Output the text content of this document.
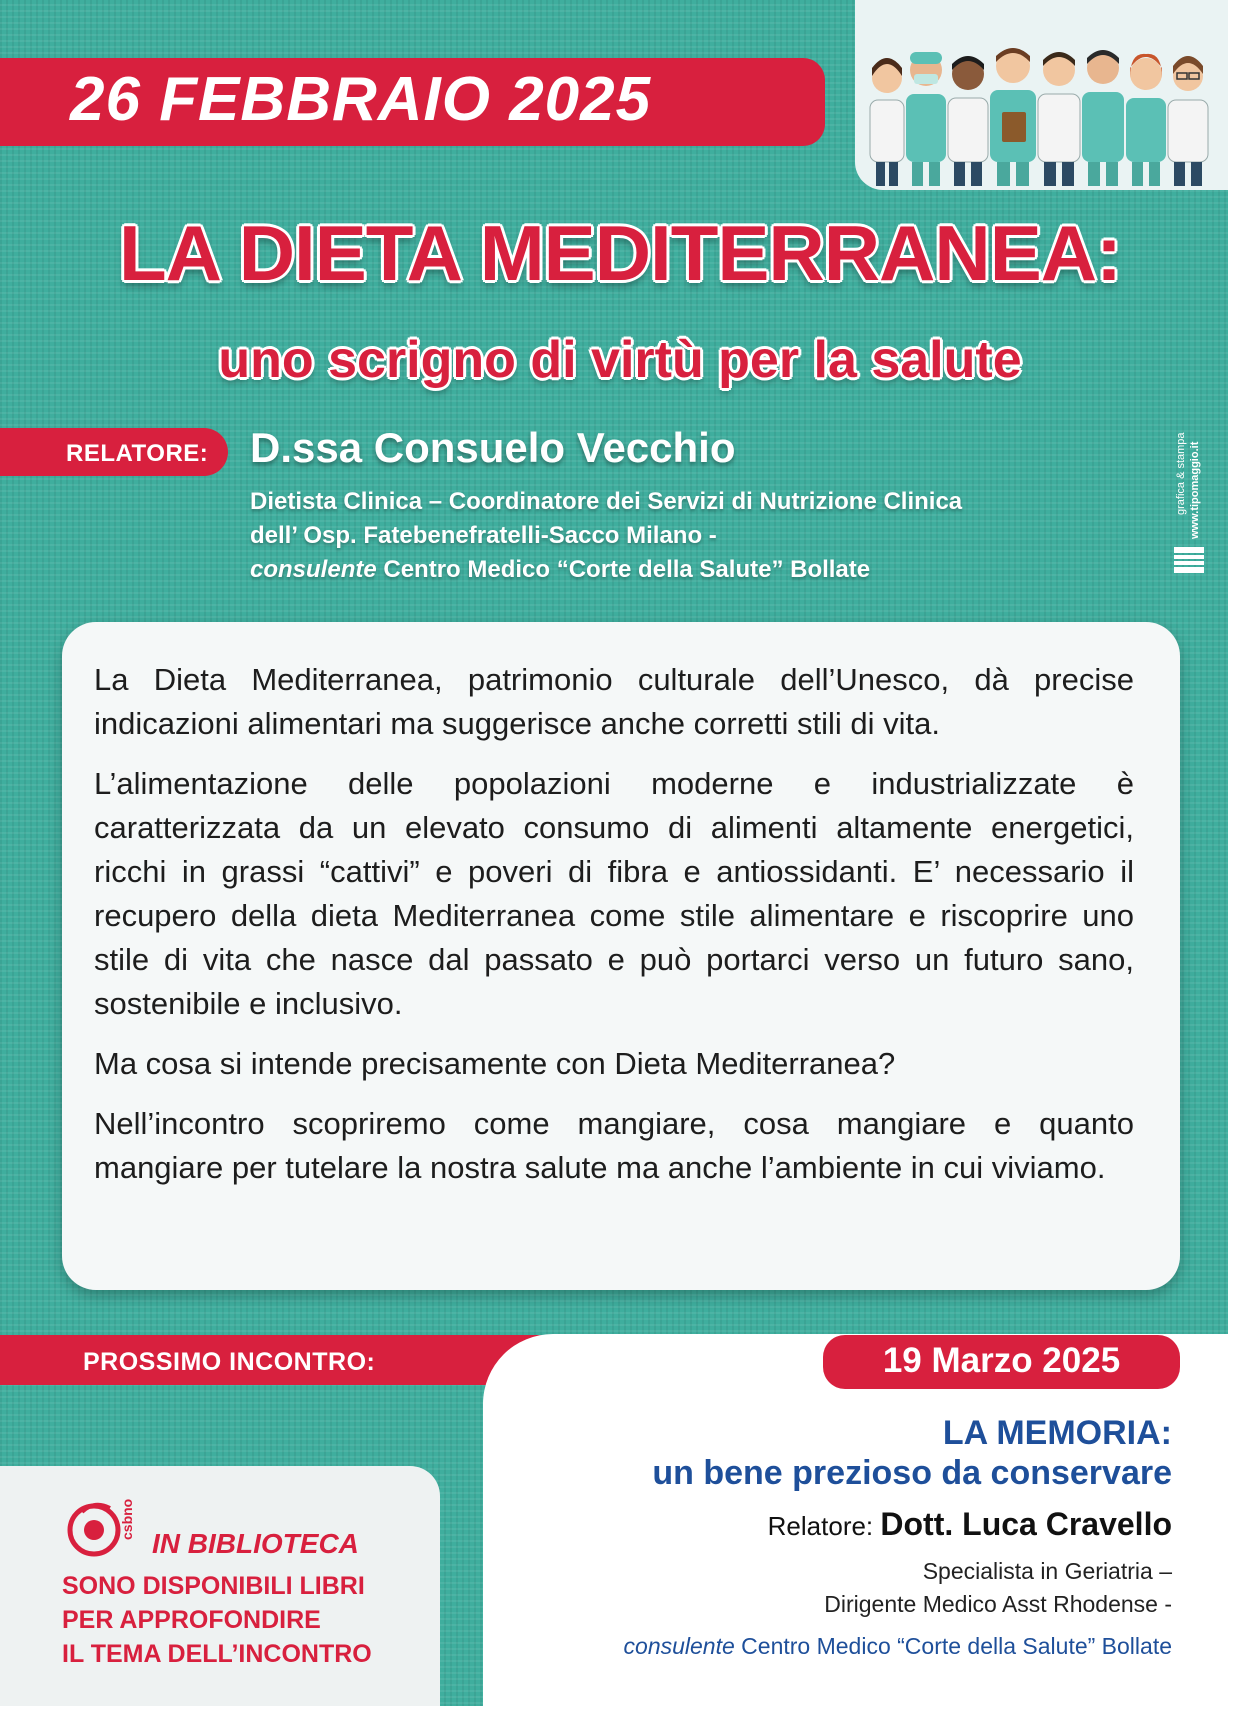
26 FEBBRAIO 2025
LA DIETA MEDITERRANEA:
uno scrigno di virtù per la salute
RELATORE: D.ssa Consuelo Vecchio
Dietista Clinica – Coordinatore dei Servizi di Nutrizione Clinica
dell’ Osp. Fatebenefratelli-Sacco Milano -
consulente Centro Medico “Corte della Salute” Bollate
grafica & stampa www.tipomaggio.it

La Dieta Mediterranea, patrimonio culturale dell’Unesco, dà precise indicazioni alimentari ma suggerisce anche corretti stili di vita.

L’alimentazione delle popolazioni moderne e industrializzate è caratterizzata da un elevato consumo di alimenti altamente energetici, ricchi in grassi “cattivi” e poveri di fibra e antiossidanti. E’ necessario il recupero della dieta Mediterranea come stile alimentare e riscoprire uno stile di vita che nasce dal passato e può portarci verso un futuro sano, sostenibile e inclusivo.

Ma cosa si intende precisamente con Dieta Mediterranea?

Nell’incontro scopriremo come mangiare, cosa mangiare e quanto mangiare per tutelare la nostra salute ma anche l’ambiente in cui viviamo.

PROSSIMO INCONTRO:	19 Marzo 2025
LA MEMORIA:
un bene prezioso da conservare
Relatore: Dott. Luca Cravello
Specialista in Geriatria –
Dirigente Medico Asst Rhodense -
consulente Centro Medico “Corte della Salute” Bollate
csbno
IN BIBLIOTECA
SONO DISPONIBILI LIBRI
PER APPROFONDIRE
IL TEMA DELL’INCONTRO
